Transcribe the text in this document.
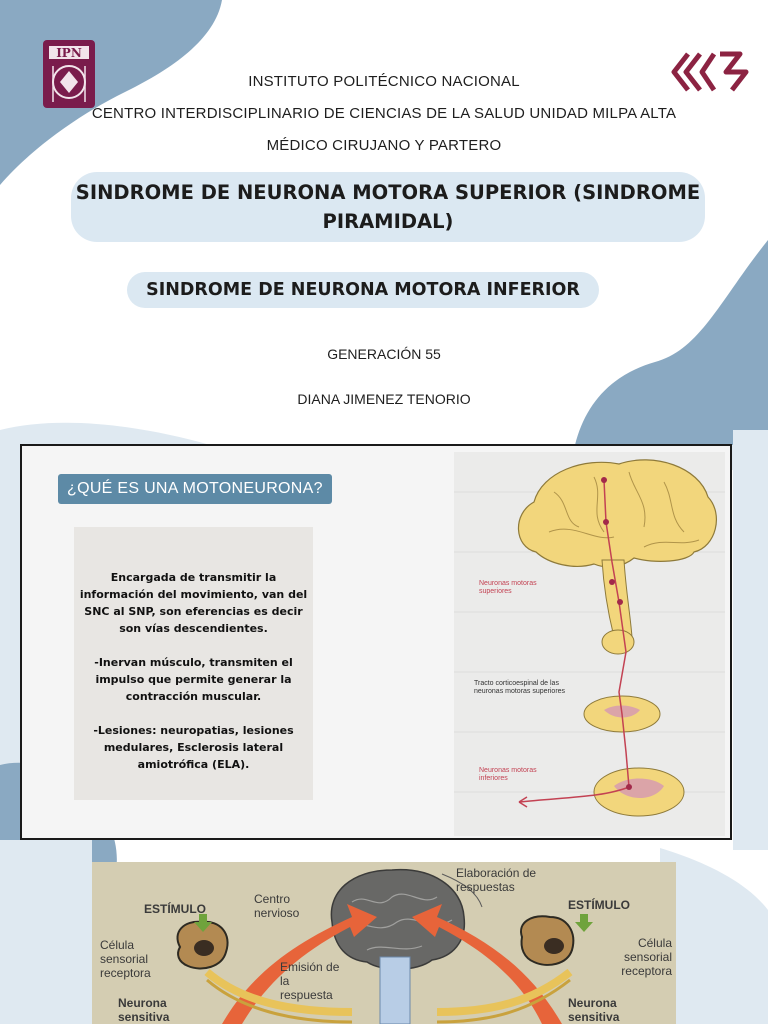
IPN
INSTITUTO POLITÉCNICO NACIONAL
CENTRO INTERDISCIPLINARIO DE CIENCIAS DE LA SALUD UNIDAD MILPA ALTA
MÉDICO CIRUJANO Y PARTERO
SINDROME DE NEURONA MOTORA SUPERIOR (SINDROME PIRAMIDAL)
SINDROME DE NEURONA MOTORA INFERIOR
GENERACIÓN 55
DIANA JIMENEZ TENORIO
¿QUÉ ES UNA MOTONEURONA?

Encargada de transmitir la información del movimiento, van del SNC al SNP, son eferencias es decir son vías descendientes.

-Inervan músculo, transmiten el impulso que permite generar la contracción muscular.

-Lesiones: neuropatias, lesiones medulares, Esclerosis lateral amiotrófica (ELA).

Neuronas motoras superiores
Tracto corticoespinal de las neuronas motoras superiores
Neuronas motoras inferiores
Elaboración de respuestas
ESTÍMULO	ESTÍMULO
Centro nervioso
Célula sensorial receptora
Célula sensorial receptora
Emisión de la respuesta
Neurona sensitiva
Neurona sensitiva
